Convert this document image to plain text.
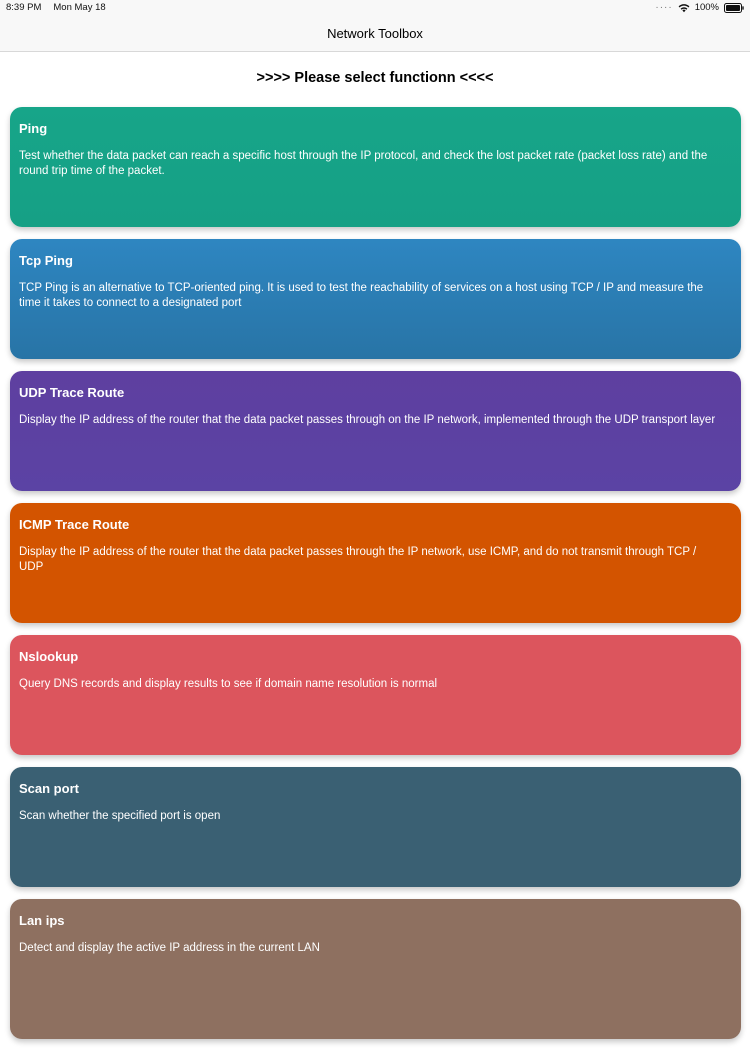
8:39 PM Mon May 18	···· 100%
Network Toolbox
>>>> Please select functionn <<<<
Ping
Test whether the data packet can reach a specific host through the IP protocol, and check the lost packet rate (packet loss rate) and the round trip time of the packet.
Tcp Ping
TCP Ping is an alternative to TCP-oriented ping. It is used to test the reachability of services on a host using TCP / IP and measure the time it takes to connect to a designated port
UDP Trace Route
Display the IP address of the router that the data packet passes through on the IP network, implemented through the UDP transport layer
ICMP Trace Route
Display the IP address of the router that the data packet passes through the IP network, use ICMP, and do not transmit through TCP / UDP
Nslookup
Query DNS records and display results to see if domain name resolution is normal
Scan port
Scan whether the specified port is open
Lan ips
Detect and display the active IP address in the current LAN
